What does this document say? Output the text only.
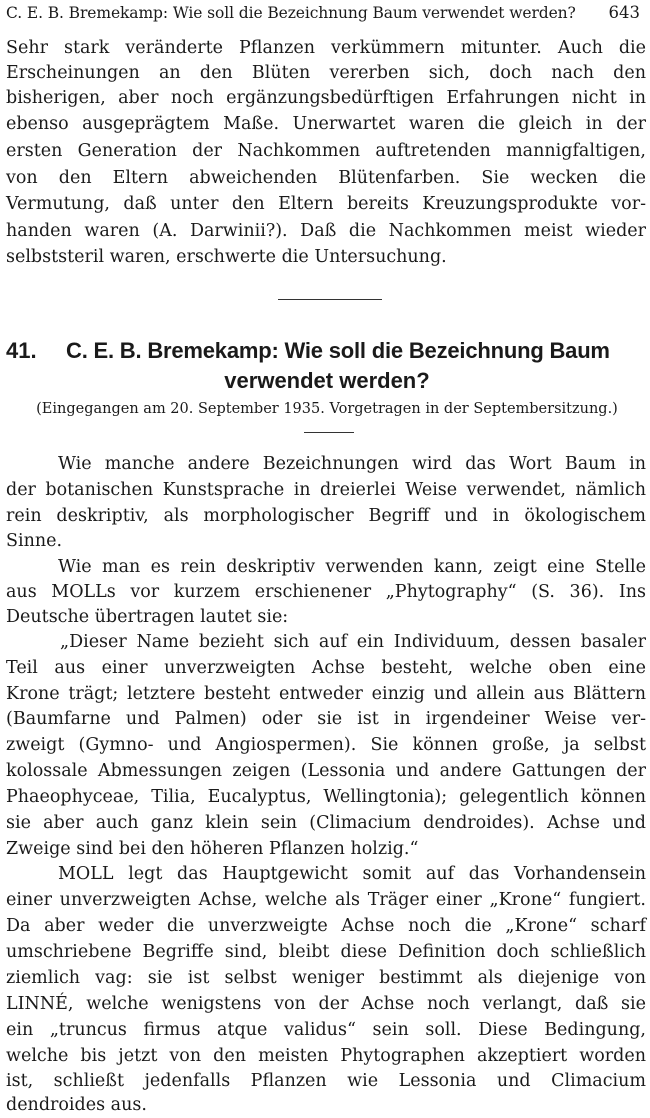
C. E. B. Bremekamp: Wie soll die Bezeichnung Baum verwendet werden? 643
Sehr stark veränderte Pflanzen verkümmern mitunter. Auch die
Erscheinungen an den Blüten vererben sich, doch nach den
bisherigen, aber noch ergänzungsbedürftigen Erfahrungen nicht in
ebenso ausgeprägtem Maße. Unerwartet waren die gleich in der
ersten Generation der Nachkommen auftretenden mannigfaltigen,
von den Eltern abweichenden Blütenfarben. Sie wecken die
Vermutung, daß unter den Eltern bereits Kreuzungsprodukte vor-
handen waren (A. Darwinii?). Daß die Nachkommen meist wieder
selbststeril waren, erschwerte die Untersuchung.
41. C. E. B. Bremekamp: Wie soll die Bezeichnung Baum
verwendet werden?
(Eingegangen am 20. September 1935. Vorgetragen in der Septembersitzung.)
Wie manche andere Bezeichnungen wird das Wort Baum in
der botanischen Kunstsprache in dreierlei Weise verwendet, nämlich
rein deskriptiv, als morphologischer Begriff und in ökologischem
Sinne.
Wie man es rein deskriptiv verwenden kann, zeigt eine Stelle
aus MOLLs vor kurzem erschienener „Phytography“ (S. 36). Ins
Deutsche übertragen lautet sie:
„Dieser Name bezieht sich auf ein Individuum, dessen basaler
Teil aus einer unverzweigten Achse besteht, welche oben eine
Krone trägt; letztere besteht entweder einzig und allein aus Blättern
(Baumfarne und Palmen) oder sie ist in irgendeiner Weise ver-
zweigt (Gymno- und Angiospermen). Sie können große, ja selbst
kolossale Abmessungen zeigen (Lessonia und andere Gattungen der
Phaeophyceae, Tilia, Eucalyptus, Wellingtonia); gelegentlich können
sie aber auch ganz klein sein (Climacium dendroides). Achse und
Zweige sind bei den höheren Pflanzen holzig.“
MOLL legt das Hauptgewicht somit auf das Vorhandensein
einer unverzweigten Achse, welche als Träger einer „Krone“ fungiert.
Da aber weder die unverzweigte Achse noch die „Krone“ scharf
umschriebene Begriffe sind, bleibt diese Definition doch schließlich
ziemlich vag: sie ist selbst weniger bestimmt als diejenige von
LINNÉ, welche wenigstens von der Achse noch verlangt, daß sie
ein „truncus firmus atque validus“ sein soll. Diese Bedingung,
welche bis jetzt von den meisten Phytographen akzeptiert worden
ist, schließt jedenfalls Pflanzen wie Lessonia und Climacium
dendroides aus.
